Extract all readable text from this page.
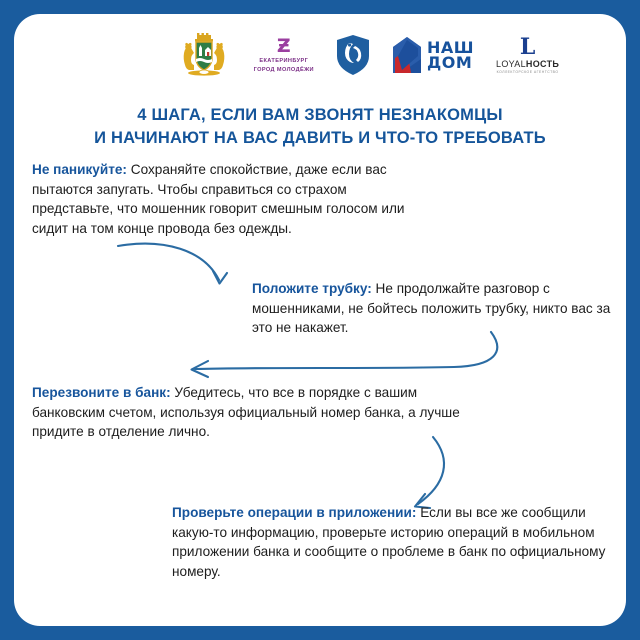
[CM]	Ƶ
ЕКАТЕРИНБУРГ
ГОРОД МОЛОДЁЖИ
НАШ
ДОМ
L
LOYALНОСТЬ
КОЛЛЕКТОРСКОЕ АГЕНТСТВО
4 ШАГА, ЕСЛИ ВАМ ЗВОНЯТ НЕЗНАКОМЦЫ
И НАЧИНАЮТ НА ВАС ДАВИТЬ И ЧТО-ТО ТРЕБОВАТЬ
Не паникуйте: Сохраняйте спокойствие, даже если вас пытаются запугать. Чтобы справиться со страхом представьте, что мошенник говорит смешным голосом или сидит на том конце провода без одежды.
Положите трубку: Не продолжайте разговор с мошенниками, не бойтесь положить трубку, никто вас за это не накажет.
Перезвоните в банк: Убедитесь, что все в порядке с вашим банковским счетом, используя официальный номер банка, а лучше придите в отделение лично.
Проверьте операции в приложении: Если вы все же сообщили какую-то информацию, проверьте историю операций в мобильном приложении банка и сообщите о проблеме в банк по официальному номеру.
